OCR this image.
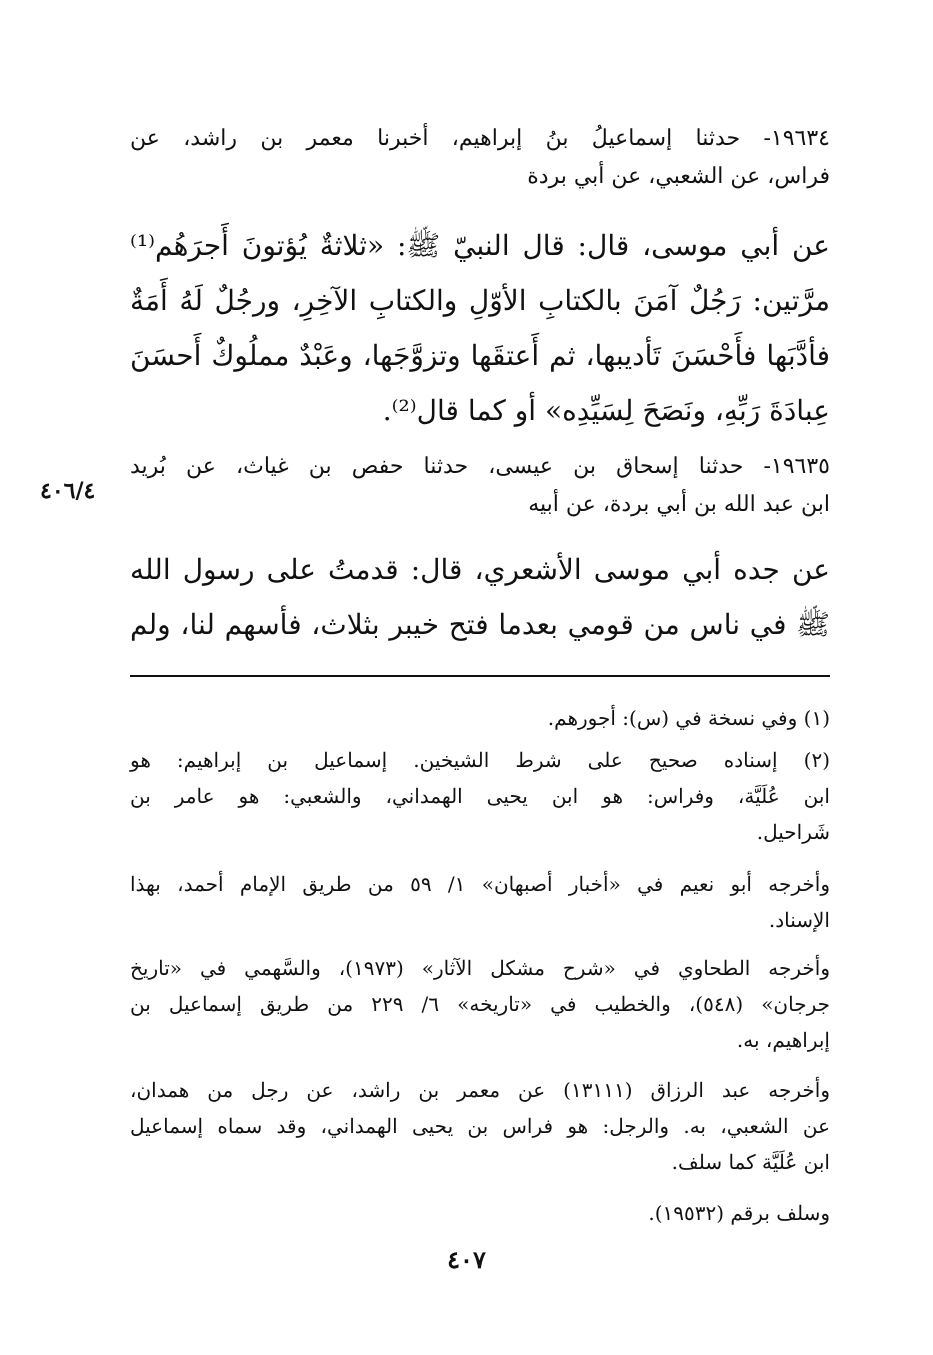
١٩٦٣٤- حدثنا إسماعيلُ بنُ إبراهيم، أخبرنا معمر بن راشد، عن
فراس، عن الشعبي، عن أبي بردة
عن أبي موسى، قال: قال النبيّ ﷺ: «ثلاثةٌ يُؤتونَ أَجرَهُم⁽¹⁾
مرَّتين: رَجُلٌ آمَنَ بالكتابِ الأوّلِ والكتابِ الآخِرِ، ورجُلٌ لَهُ أَمَةٌ
فأدَّبَها فأَحْسَنَ تَأديبها، ثم أَعتقَها وتزوَّجَها، وعَبْدٌ مملُوكٌ أَحسَنَ
عِبادَةَ رَبِّهِ، ونَصَحَ لِسَيِّدِه» أو كما قال⁽²⁾.
١٩٦٣٥- حدثنا إسحاق بن عيسى، حدثنا حفص بن غياث، عن بُريد
ابن عبد الله بن أبي بردة، عن أبيه
٤٠٦/٤
عن جده أبي موسى الأشعري، قال: قدمتُ على رسول الله
ﷺ في ناس من قومي بعدما فتح خيبر بثلاث، فأسهم لنا، ولم
(١) وفي نسخة في (س): أجورهم.
(٢) إسناده صحيح على شرط الشيخين. إسماعيل بن إبراهيم: هو
ابن عُلَيَّة، وفراس: هو ابن يحيى الهمداني، والشعبي: هو عامر بن
شَراحيل.
وأخرجه أبو نعيم في «أخبار أصبهان» ١/ ٥٩ من طريق الإمام أحمد، بهذا
الإسناد.
وأخرجه الطحاوي في «شرح مشكل الآثار» (١٩٧٣)، والسَّهمي في «تاريخ
جرجان» (٥٤٨)، والخطيب في «تاريخه» ٦/ ٢٢٩ من طريق إسماعيل بن
إبراهيم، به.
وأخرجه عبد الرزاق (١٣١١١) عن معمر بن راشد، عن رجل من همدان،
عن الشعبي، به. والرجل: هو فراس بن يحيى الهمداني، وقد سماه إسماعيل
ابن عُلَيَّة كما سلف.
وسلف برقم (١٩٥٣٢).
٤٠٧
